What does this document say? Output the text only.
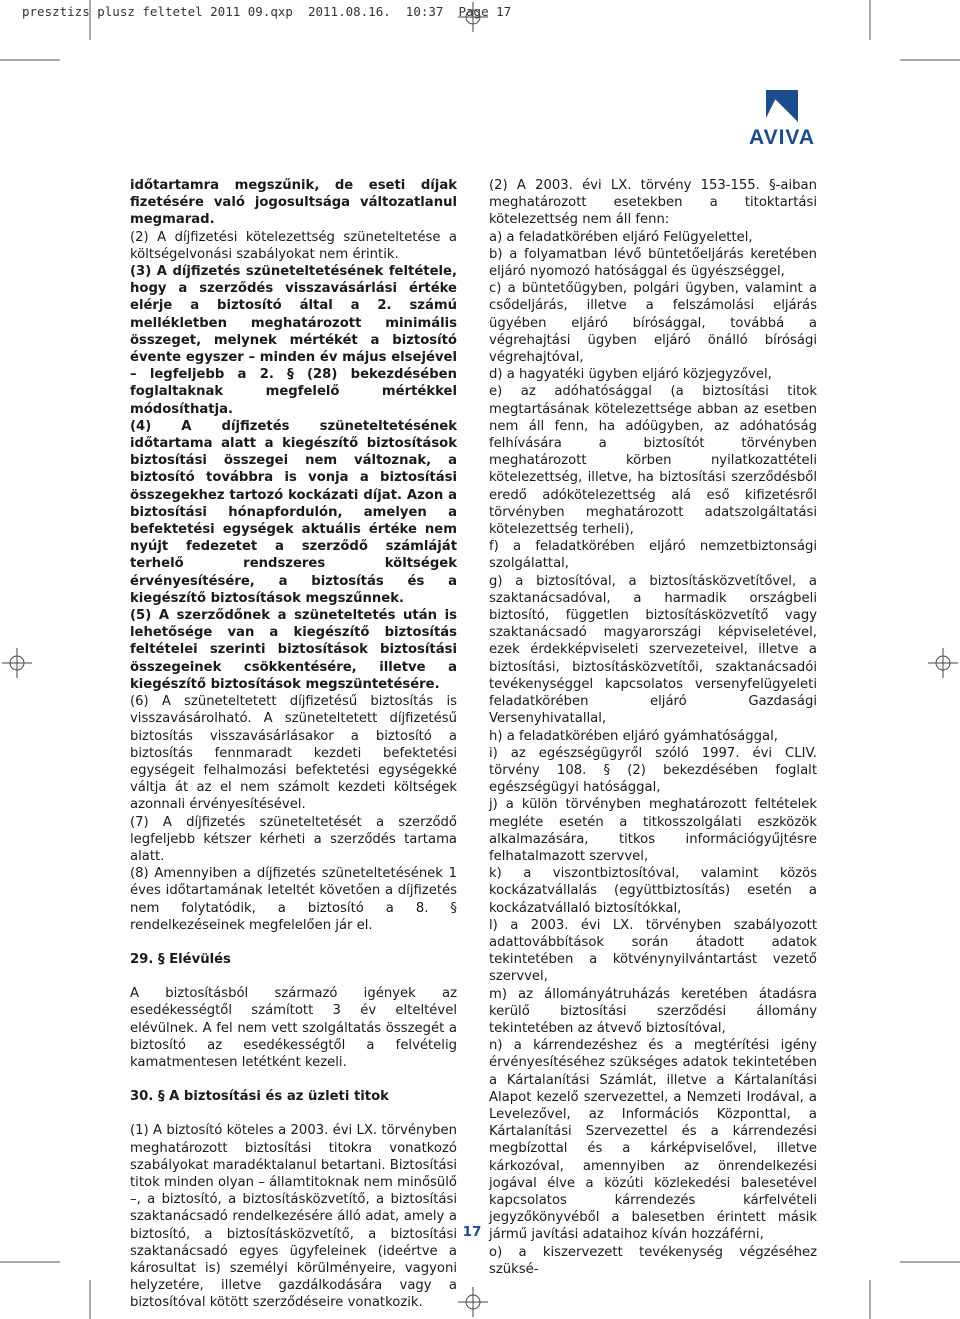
presztizs plusz feltetel 2011 09.qxp  2011.08.16.  10:37  Page 17
AVIVA

időtartamra megszűnik, de eseti díjak fizetésére való jogosultsága változatlanul megmarad.

(2) A díjfizetési kötelezettség szüneteltetése a költségelvonási szabályokat nem érintik.

(3) A díjfizetés szüneteltetésének feltétele, hogy a szerződés visszavásárlási értéke elérje a biztosító által a 2. számú mellékletben meghatározott minimális összeget, melynek mértékét a biztosító évente egyszer – minden év május elsejével – legfeljebb a 2. § (28) bekezdésében foglaltaknak megfelelő mértékkel módosíthatja.

(4) A díjfizetés szüneteltetésének időtartama alatt a kiegészítő biztosítások biztosítási összegei nem változnak, a biztosító továbbra is vonja a biztosítási összegekhez tartozó kockázati díjat. Azon a biztosítási hónapfordulón, amelyen a befektetési egységek aktuális értéke nem nyújt fedezetet a szerződő számláját terhelő rendszeres költségek érvényesítésére, a biztosítás és a kiegészítő biztosítások megszűnnek.

(5) A szerződőnek a szüneteltetés után is lehetősége van a kiegészítő biztosítás feltételei szerinti biztosítások biztosítási összegeinek csökkentésére, illetve a kiegészítő biztosítások megszüntetésére.

(6) A szüneteltetett díjfizetésű biztosítás is visszavásárolható. A szüneteltetett díjfizetésű biztosítás visszavásárlásakor a biztosító a biztosítás fennmaradt kezdeti befektetési egységeit felhalmozási befektetési egységekké váltja át az el nem számolt kezdeti költségek azonnali érvényesítésével.

(7) A díjfizetés szüneteltetését a szerződő legfeljebb kétszer kérheti a szerződés tartama alatt.

(8) Amennyiben a díjfizetés szüneteltetésének 1 éves időtartamának leteltét követően a díjfizetés nem folytatódik, a biztosító a 8. § rendelkezéseinek megfelelően jár el.

29. § Elévülés

A biztosításból származó igények az esedékességtől számított 3 év elteltével elévülnek. A fel nem vett szolgáltatás összegét a biztosító az esedékességtől a felvételig kamatmentesen letétként kezeli.

30. § A biztosítási és az üzleti titok

(1) A biztosító köteles a 2003. évi LX. törvényben meghatározott biztosítási titokra vonatkozó szabályokat maradéktalanul betartani. Biztosítási titok minden olyan – államtitoknak nem minősülő –, a biztosító, a biztosításközvetítő, a biztosítási szaktanácsadó rendelkezésére álló adat, amely a biztosító, a biztosításközvetítő, a biztosítási szaktanácsadó egyes ügyfeleinek (ideértve a károsultat is) személyi körülményeire, vagyoni helyzetére, illetve gazdálkodására vagy a biztosítóval kötött szerződéseire vonatkozik.

(2) A 2003. évi LX. törvény 153-155. §-aiban meghatározott esetekben a titoktartási kötelezettség nem áll fenn:

a) a feladatkörében eljáró Felügyelettel,

b) a folyamatban lévő büntetőeljárás keretében eljáró nyomozó hatósággal és ügyészséggel,

c) a büntetőügyben, polgári ügyben, valamint a csődeljárás, illetve a felszámolási eljárás ügyében eljáró bírósággal, továbbá a végrehajtási ügyben eljáró önálló bírósági végrehajtóval,

d) a hagyatéki ügyben eljáró közjegyzővel,

e) az adóhatósággal (a biztosítási titok megtartásának kötelezettsége abban az esetben nem áll fenn, ha adóügyben, az adóhatóság felhívására a biztosítót törvényben meghatározott körben nyilatkozattételi kötelezettség, illetve, ha biztosítási szerződésből eredő adókötelezettség alá eső kifizetésről törvényben meghatározott adatszolgáltatási kötelezettség terheli),

f) a feladatkörében eljáró nemzetbiztonsági szolgálattal,

g) a biztosítóval, a biztosításközvetítővel, a szaktanácsadóval, a harmadik országbeli biztosító, független biztosításközvetítő vagy szaktanácsadó magyarországi képviseletével, ezek érdekképviseleti szervezeteivel, illetve a biztosítási, biztosításközvetítői, szaktanácsadói tevékenységgel kapcsolatos versenyfelügyeleti feladatkörében eljáró Gazdasági Versenyhivatallal,

h) a feladatkörében eljáró gyámhatósággal,

i) az egészségügyről szóló 1997. évi CLIV. törvény 108. § (2) bekezdésében foglalt egészségügyi hatósággal,

j) a külön törvényben meghatározott feltételek megléte esetén a titkosszolgálati eszközök alkalmazására, titkos információgyűjtésre felhatalmazott szervvel,

k) a viszontbiztosítóval, valamint közös kockázatvállalás (együttbiztosítás) esetén a kockázatvállaló biztosítókkal,

l) a 2003. évi LX. törvényben szabályozott adattovábbítások során átadott adatok tekintetében a kötvénynyilvántartást vezető szervvel,

m) az állományátruházás keretében átadásra kerülő biztosítási szerződési állomány tekintetében az átvevő biztosítóval,

n) a kárrendezéshez és a megtérítési igény érvényesítéséhez szükséges adatok tekintetében a Kártalanítási Számlát, illetve a Kártalanítási Alapot kezelő szervezettel, a Nemzeti Irodával, a Levelezővel, az Információs Központtal, a Kártalanítási Szervezettel és a kárrendezési megbízottal és a kárképviselővel, illetve kárkozóval, amennyiben az önrendelkezési jogával élve a közúti közlekedési balesetével kapcsolatos kárrendezés kárfelvételi jegyzőkönyvéből a balesetben érintett másik jármű javítási adataihoz kíván hozzáférni,

o) a kiszervezett tevékenység végzéséhez szüksé-

17
